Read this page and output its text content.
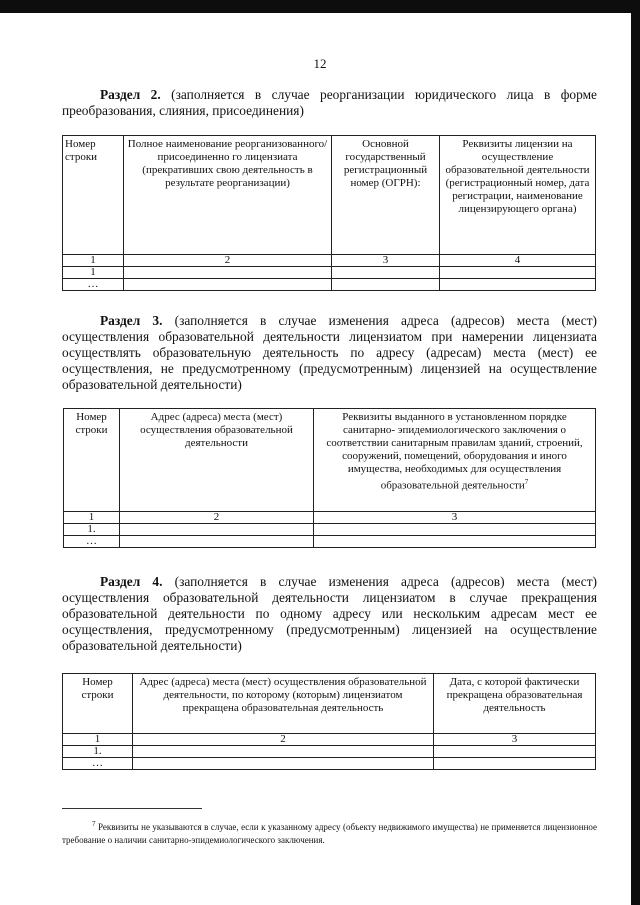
12

Раздел 2. (заполняется в случае реорганизации юридического лица в форме преобразования, слияния, присоединения)

Номер строки	Полное наименование реорганизованного/присоединенно го лицензиата (прекративших свою деятельность в результате реорганизации)	Основной государственный регистрационный номер (ОГРН):	Реквизиты лицензии на осуществление образовательной деятельности (регистрационный номер, дата регистрации, наименование лицензирующего органа)
1	2	3	4
1			
…			

Раздел 3. (заполняется в случае изменения адреса (адресов) места (мест) осуществления образовательной деятельности лицензиатом при намерении лицензиата осуществлять образовательную деятельность по адресу (адресам) места (мест) ее осуществления, не предусмотренному (предусмотренным) лицензией на осуществление образовательной деятельности)

Номер строки	Адрес (адреса) места (мест) осуществления образовательной деятельности	Реквизиты выданного в установленном порядке санитарно- эпидемиологического заключения о соответствии санитарным правилам зданий, строений, сооружений, помещений, оборудования и иного имущества, необходимых для осуществления образовательной деятельности$^7$
1	2	3
1.		
…		

Раздел 4. (заполняется в случае изменения адреса (адресов) места (мест) осуществления образовательной деятельности лицензиатом в случае прекращения образовательной деятельности по одному адресу или нескольким адресам мест ее осуществления, предусмотренному (предусмотренным) лицензией на осуществление образовательной деятельности)

Номер строки	Адрес (адреса) места (мест) осуществления образовательной деятельности, по которому (которым) лицензиатом прекращена образовательная деятельность	Дата, с которой фактически прекращена образовательная деятельность
1	2	3
1.		
…		

$^7$ Реквизиты не указываются в случае, если к указанному адресу (объекту недвижимого имущества) не применяется лицензионное требование о наличии санитарно-эпидемиологического заключения.
